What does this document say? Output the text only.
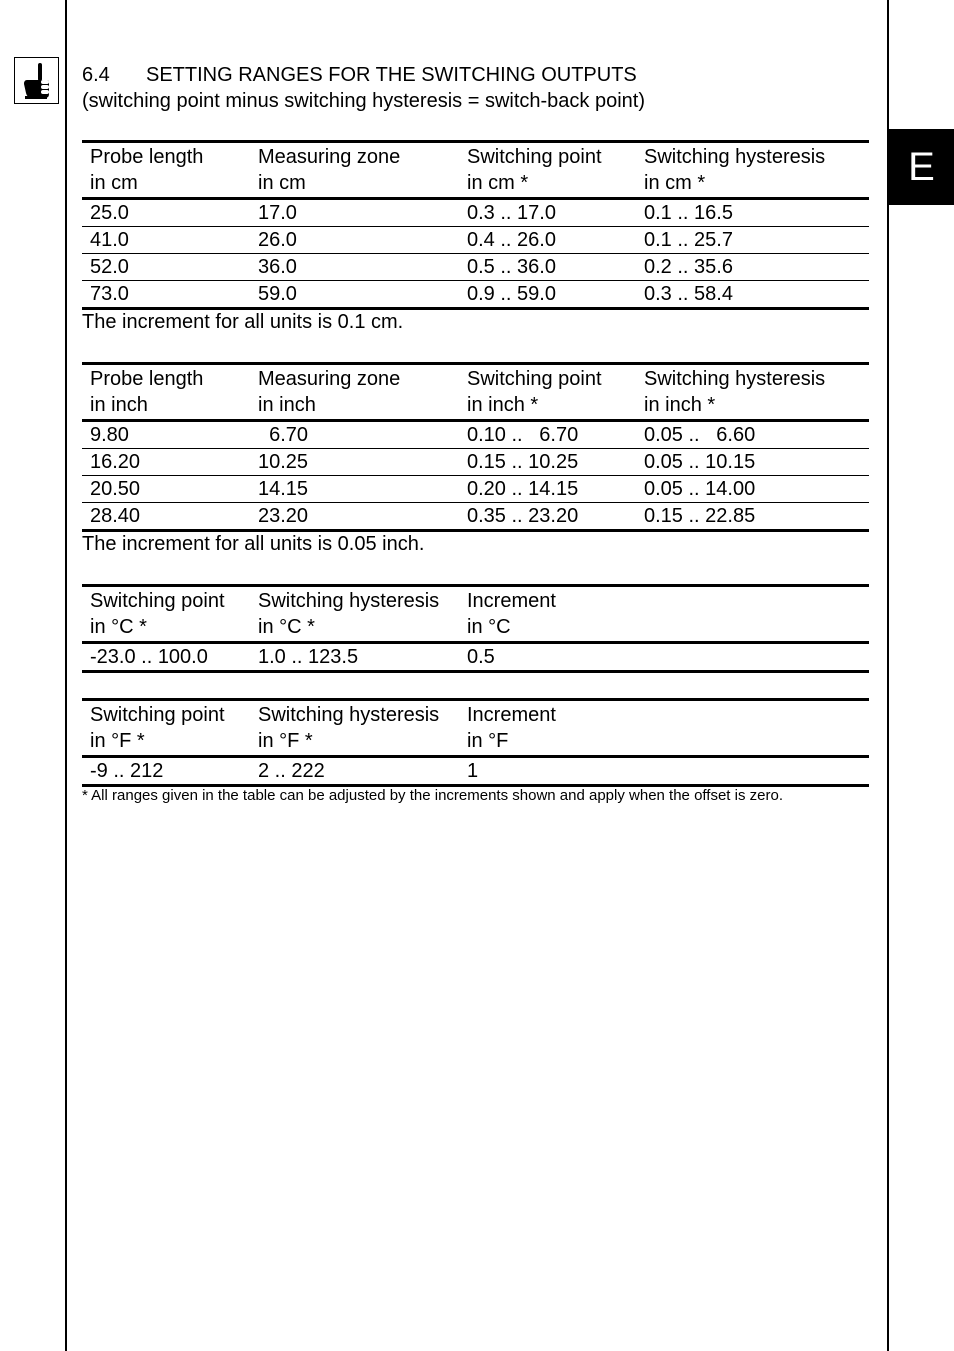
E
6.4 SETTING RANGES FOR THE SWITCHING OUTPUTS
(switching point minus switching hysteresis = switch-back point)
Probe length	Measuring zone	Switching point	Switching hysteresis
in cm	in cm	in cm *	in cm *
25.0	17.0	0.3 .. 17.0	0.1 .. 16.5
41.0	26.0	0.4 .. 26.0	0.1 .. 25.7
52.0	36.0	0.5 .. 36.0	0.2 .. 35.6
73.0	59.0	0.9 .. 59.0	0.3 .. 58.4
The increment for all units is 0.1 cm.
Probe length	Measuring zone	Switching point	Switching hysteresis
in inch	in inch	in inch *	in inch *
9.80	6.70	0.10 ..   6.70	0.05 ..   6.60
16.20	10.25	0.15 .. 10.25	0.05 .. 10.15
20.50	14.15	0.20 .. 14.15	0.05 .. 14.00
28.40	23.20	0.35 .. 23.20	0.15 .. 22.85
The increment for all units is 0.05 inch.
Switching point	Switching hysteresis	Increment
in °C *	in °C *	in °C
-23.0 .. 100.0	1.0 .. 123.5	0.5
Switching point	Switching hysteresis	Increment
in °F *	in °F *	in °F
-9 .. 212	2 .. 222	1
* All ranges given in the table can be adjusted by the increments shown and apply when the offset is zero.
